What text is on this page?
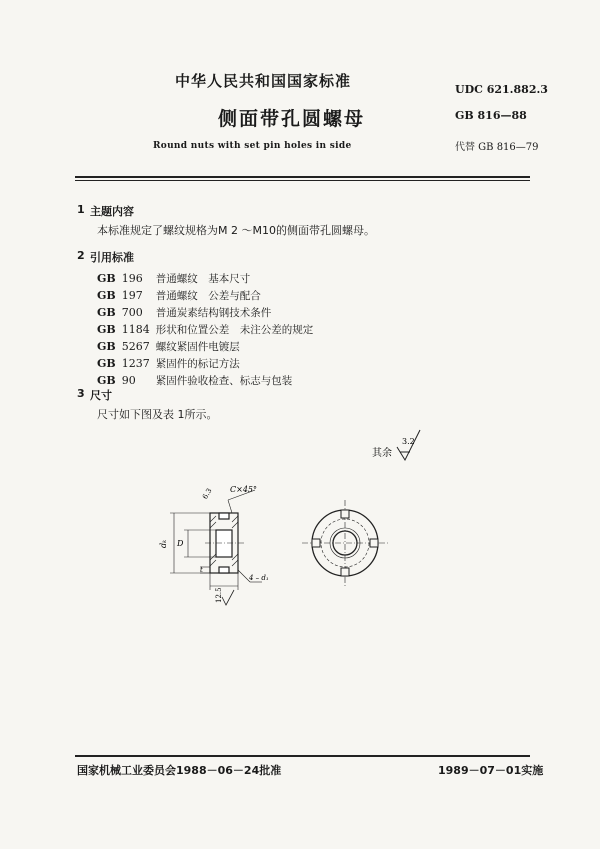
中华人民共和国国家标准	UDC 621.882.3
侧面带孔圆螺母	GB 816—88
Round nuts with set pin holes in side	代替 GB 816—79
1 主题内容
本标准规定了螺纹规格为M 2 ～M10的侧面带孔圆螺母。
2 引用标准
GB 196 普通螺纹　基本尺寸
GB 197 普通螺纹　公差与配合
GB 700 普通炭素结构钢技术条件
GB 1184 形状和位置公差　未注公差的规定
GB 5267 螺纹紧固件电镀层
GB 1237 紧固件的标记方法
GB 90 紧固件验收检查、标志与包装
3 尺寸
尺寸如下图及表 1所示。
其余
3.2
C×45°
dₖ D
t
4 – d₁
12.5
6.3
国家机械工业委员会1988－06－24批准	1989－07－01实施
